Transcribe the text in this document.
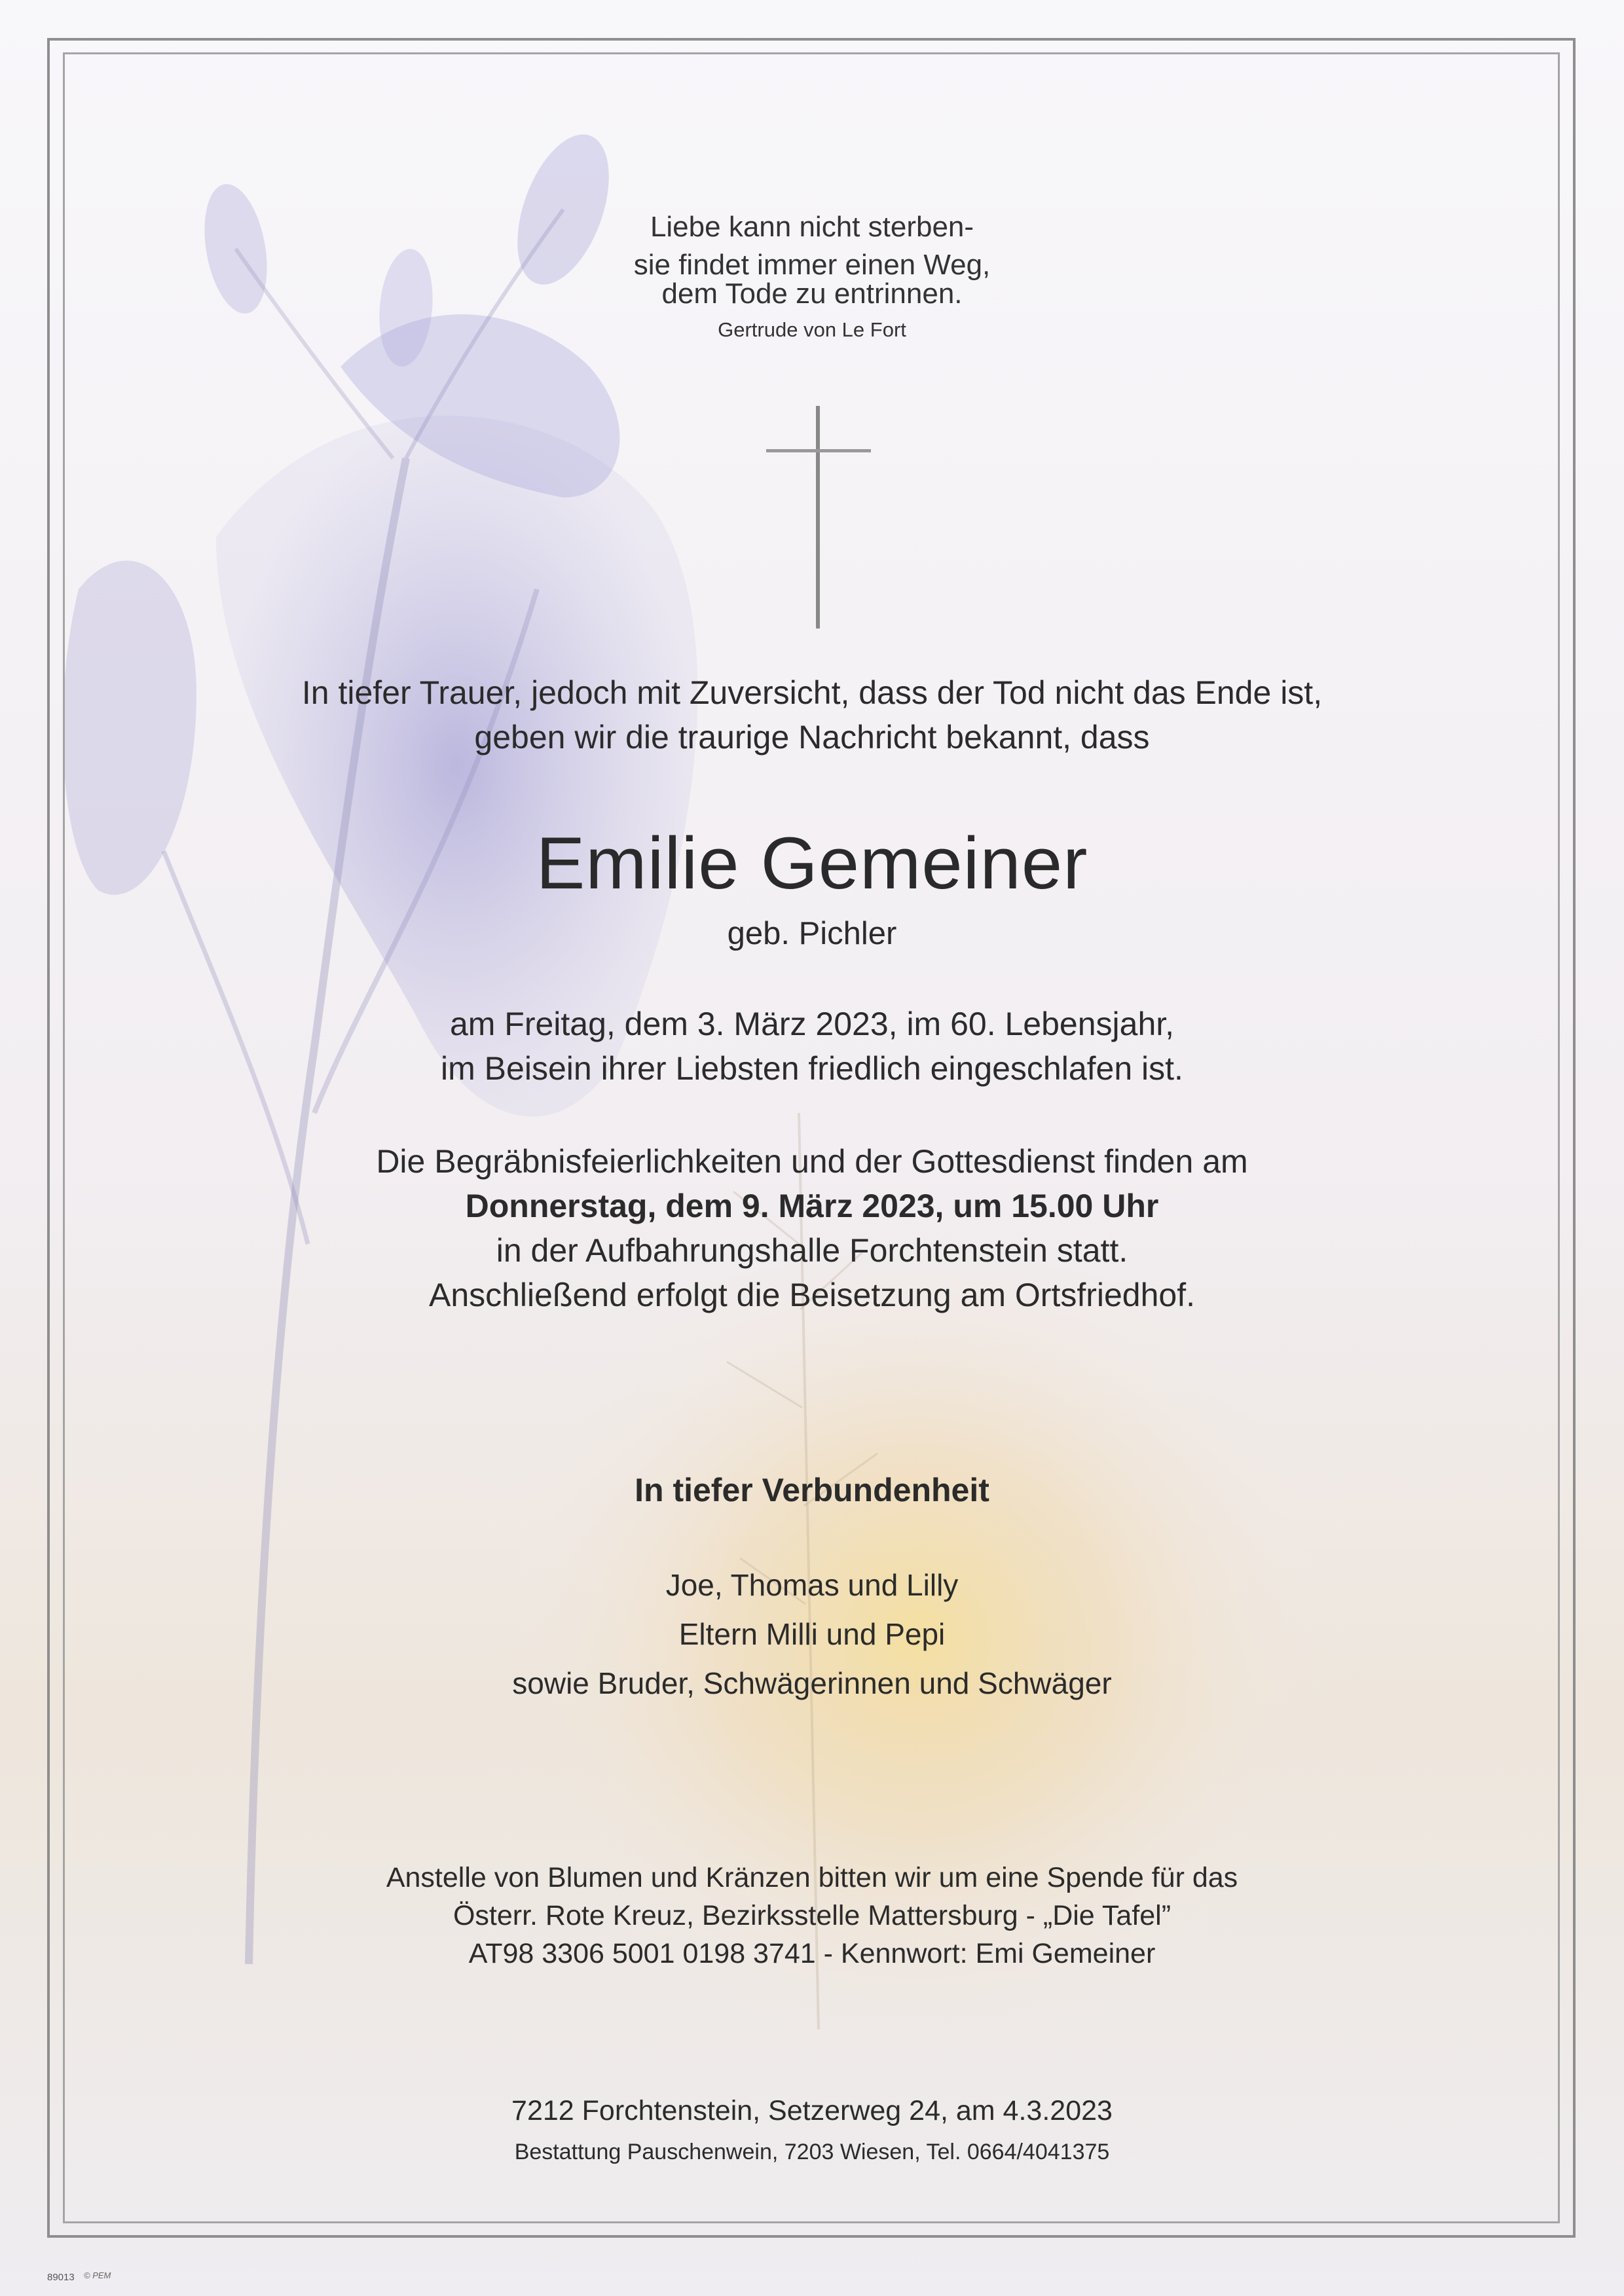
Liebe kann nicht sterben-
sie findet immer einen Weg,
dem Tode zu entrinnen.
Gertrude von Le Fort
In tiefer Trauer, jedoch mit Zuversicht, dass der Tod nicht das Ende ist,
geben wir die traurige Nachricht bekannt, dass
Emilie Gemeiner
geb. Pichler
am Freitag, dem 3. März 2023, im 60. Lebensjahr,
im Beisein ihrer Liebsten friedlich eingeschlafen ist.
Die Begräbnisfeierlichkeiten und der Gottesdienst finden am
Donnerstag, dem 9. März 2023, um 15.00 Uhr
in der Aufbahrungshalle Forchtenstein statt.
Anschließend erfolgt die Beisetzung am Ortsfriedhof.
In tiefer Verbundenheit
Joe, Thomas und Lilly
Eltern Milli und Pepi
sowie Bruder, Schwägerinnen und Schwäger
Anstelle von Blumen und Kränzen bitten wir um eine Spende für das
Österr. Rote Kreuz, Bezirksstelle Mattersburg - „Die Tafel”
AT98 3306 5001 0198 3741 - Kennwort: Emi Gemeiner
7212 Forchtenstein, Setzerweg 24, am 4.3.2023
Bestattung Pauschenwein, 7203 Wiesen, Tel. 0664/4041375
89013 © PEM
